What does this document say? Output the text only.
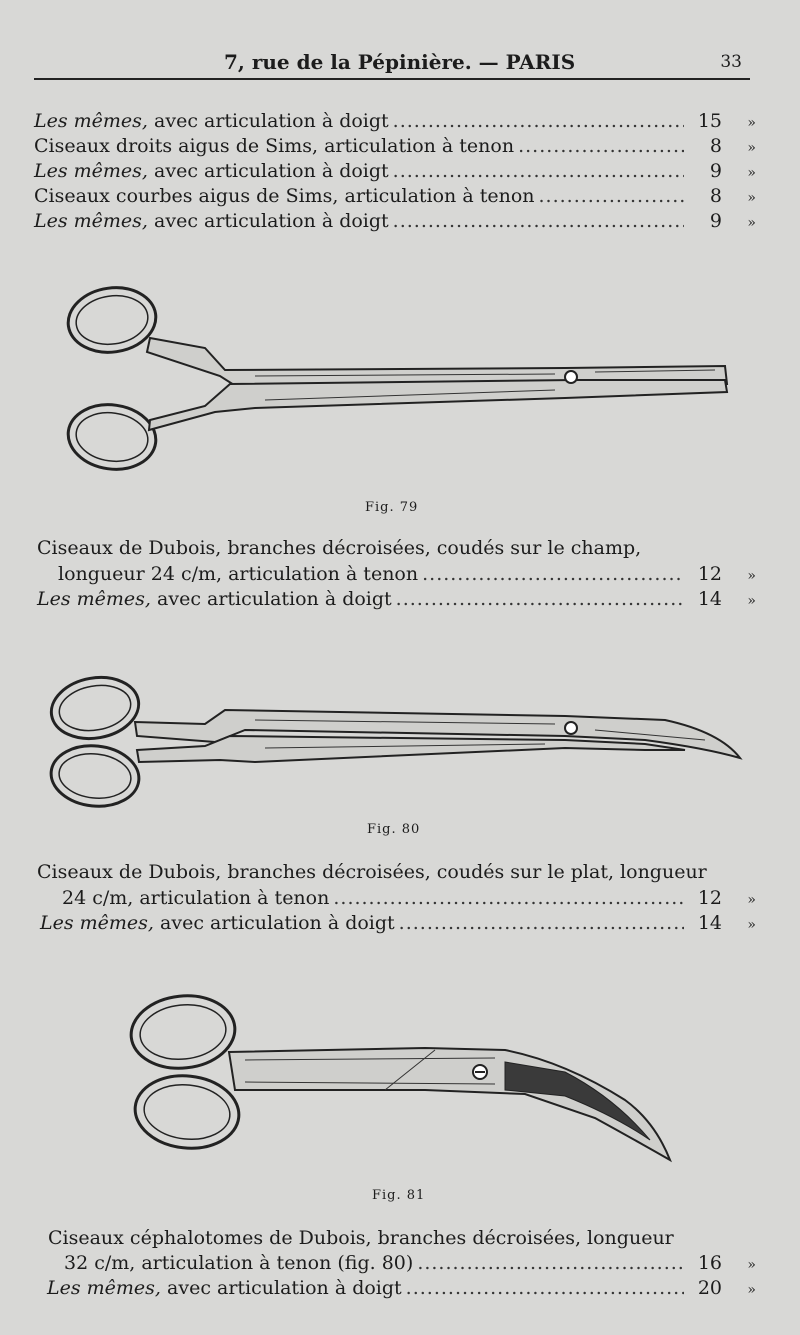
7, rue de la Pépinière. — PARIS	33
Les mêmes, avec articulation à doigt .....	15	»
Ciseaux droits aigus de Sims, articulation à tenon .....	8	»
Les mêmes, avec articulation à doigt .....	9	»
Ciseaux courbes aigus de Sims, articulation à tenon .....	8	»
Les mêmes, avec articulation à doigt .....	9	»
Fig. 79
Ciseaux de Dubois, branches décroisées, coudés sur le champ,
longueur 24 c/m, articulation à tenon .....	12	»
Les mêmes, avec articulation à doigt .....	14	»
Fig. 80
Ciseaux de Dubois, branches décroisées, coudés sur le plat, longueur
24 c/m, articulation à tenon .....	12	»
Les mêmes, avec articulation à doigt .....	14	»
Fig. 81
Ciseaux céphalotomes de Dubois, branches décroisées, longueur
32 c/m, articulation à tenon (fig. 80) .....	16	»
Les mêmes, avec articulation à doigt .....	20	»
